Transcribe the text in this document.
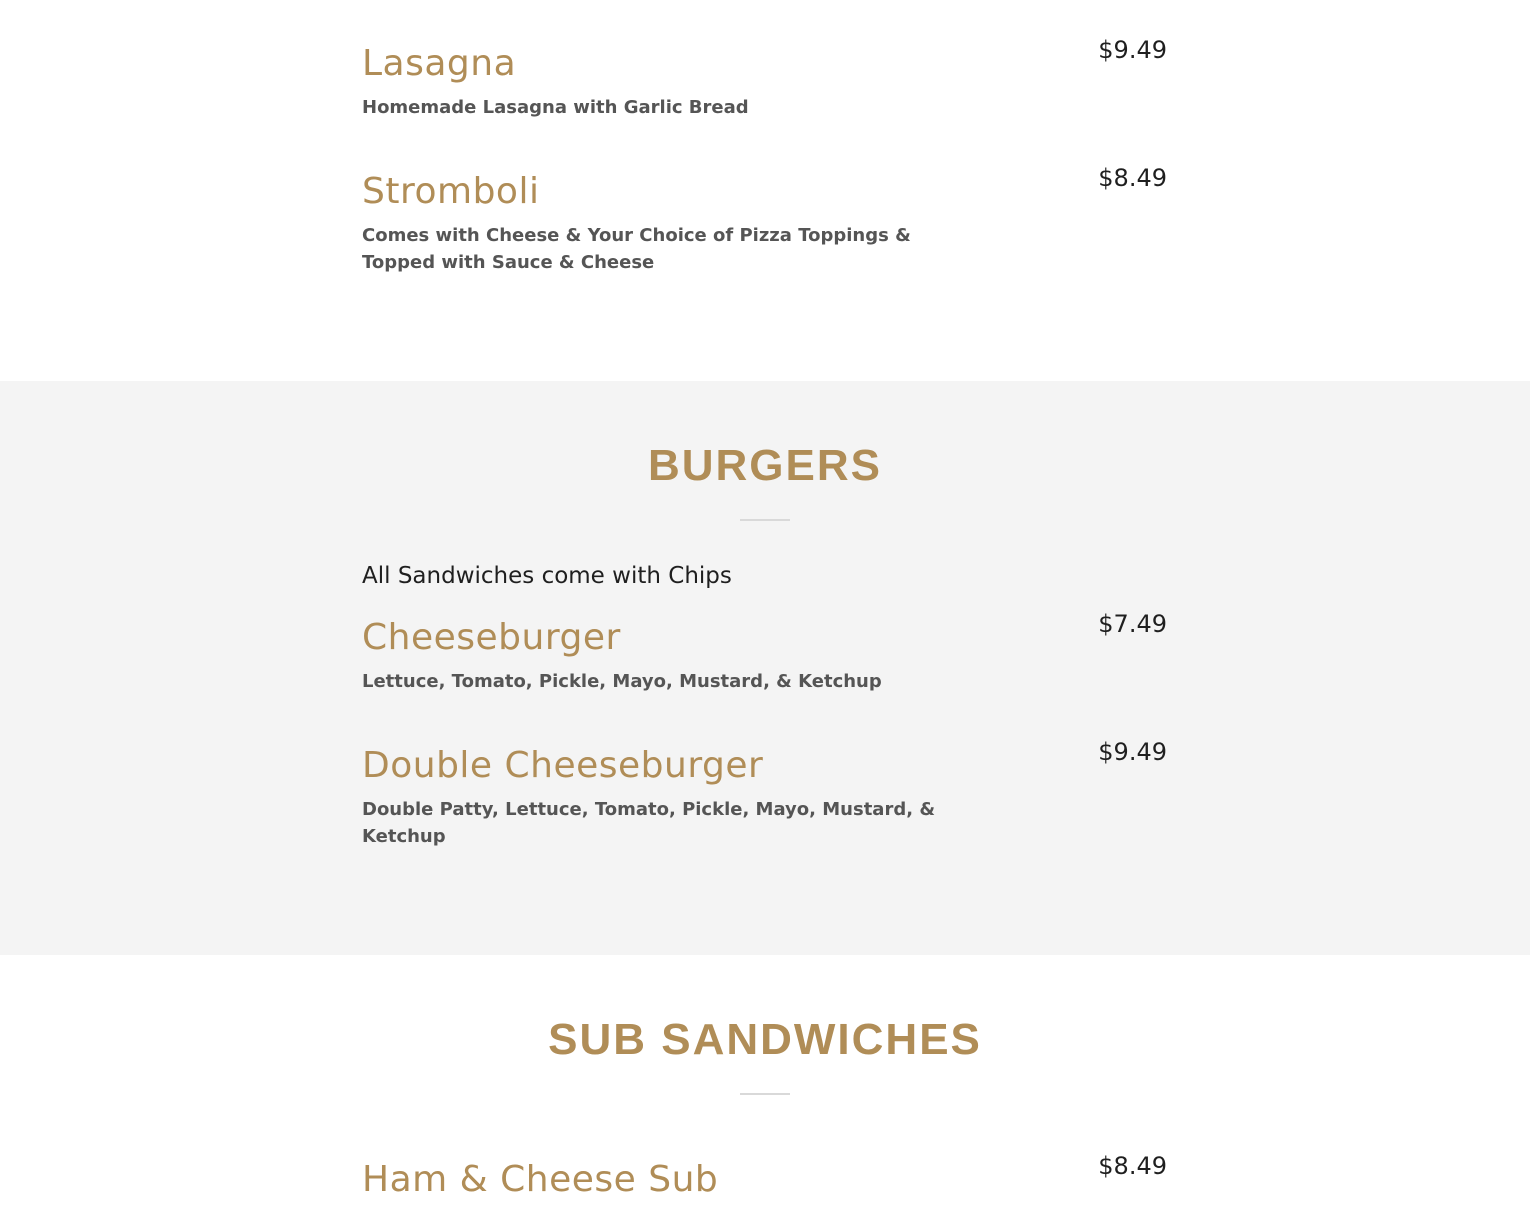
Lasagna	$9.49

Homemade Lasagna with Garlic Bread

Stromboli	$8.49

Comes with Cheese & Your Choice of Pizza Toppings & Topped with Sauce & Cheese

BURGERS

All Sandwiches come with Chips

Cheeseburger	$7.49

Lettuce, Tomato, Pickle, Mayo, Mustard, & Ketchup

Double Cheeseburger	$9.49

Double Patty, Lettuce, Tomato, Pickle, Mayo, Mustard, & Ketchup

SUB SANDWICHES
Ham & Cheese Sub	$8.49
